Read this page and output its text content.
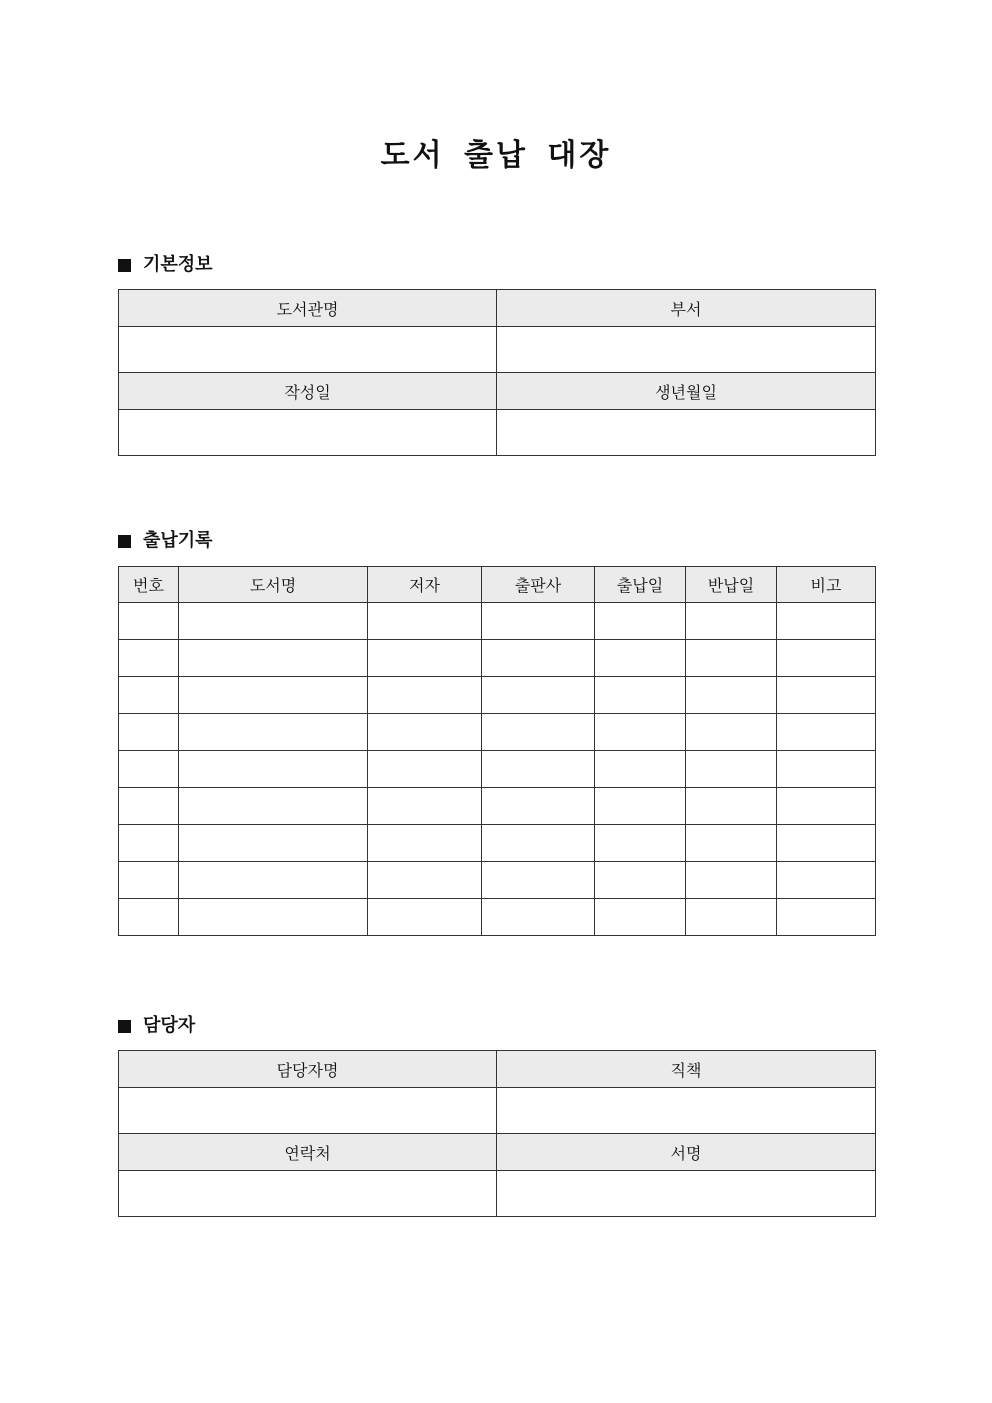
도서 출납 대장
기본정보
도서관명	부서

작성일	생년월일

출납기록
번호	도서명	저자	출판사	출납일	반납일	비고

담당자
담당자명	직책

연락처	서명
